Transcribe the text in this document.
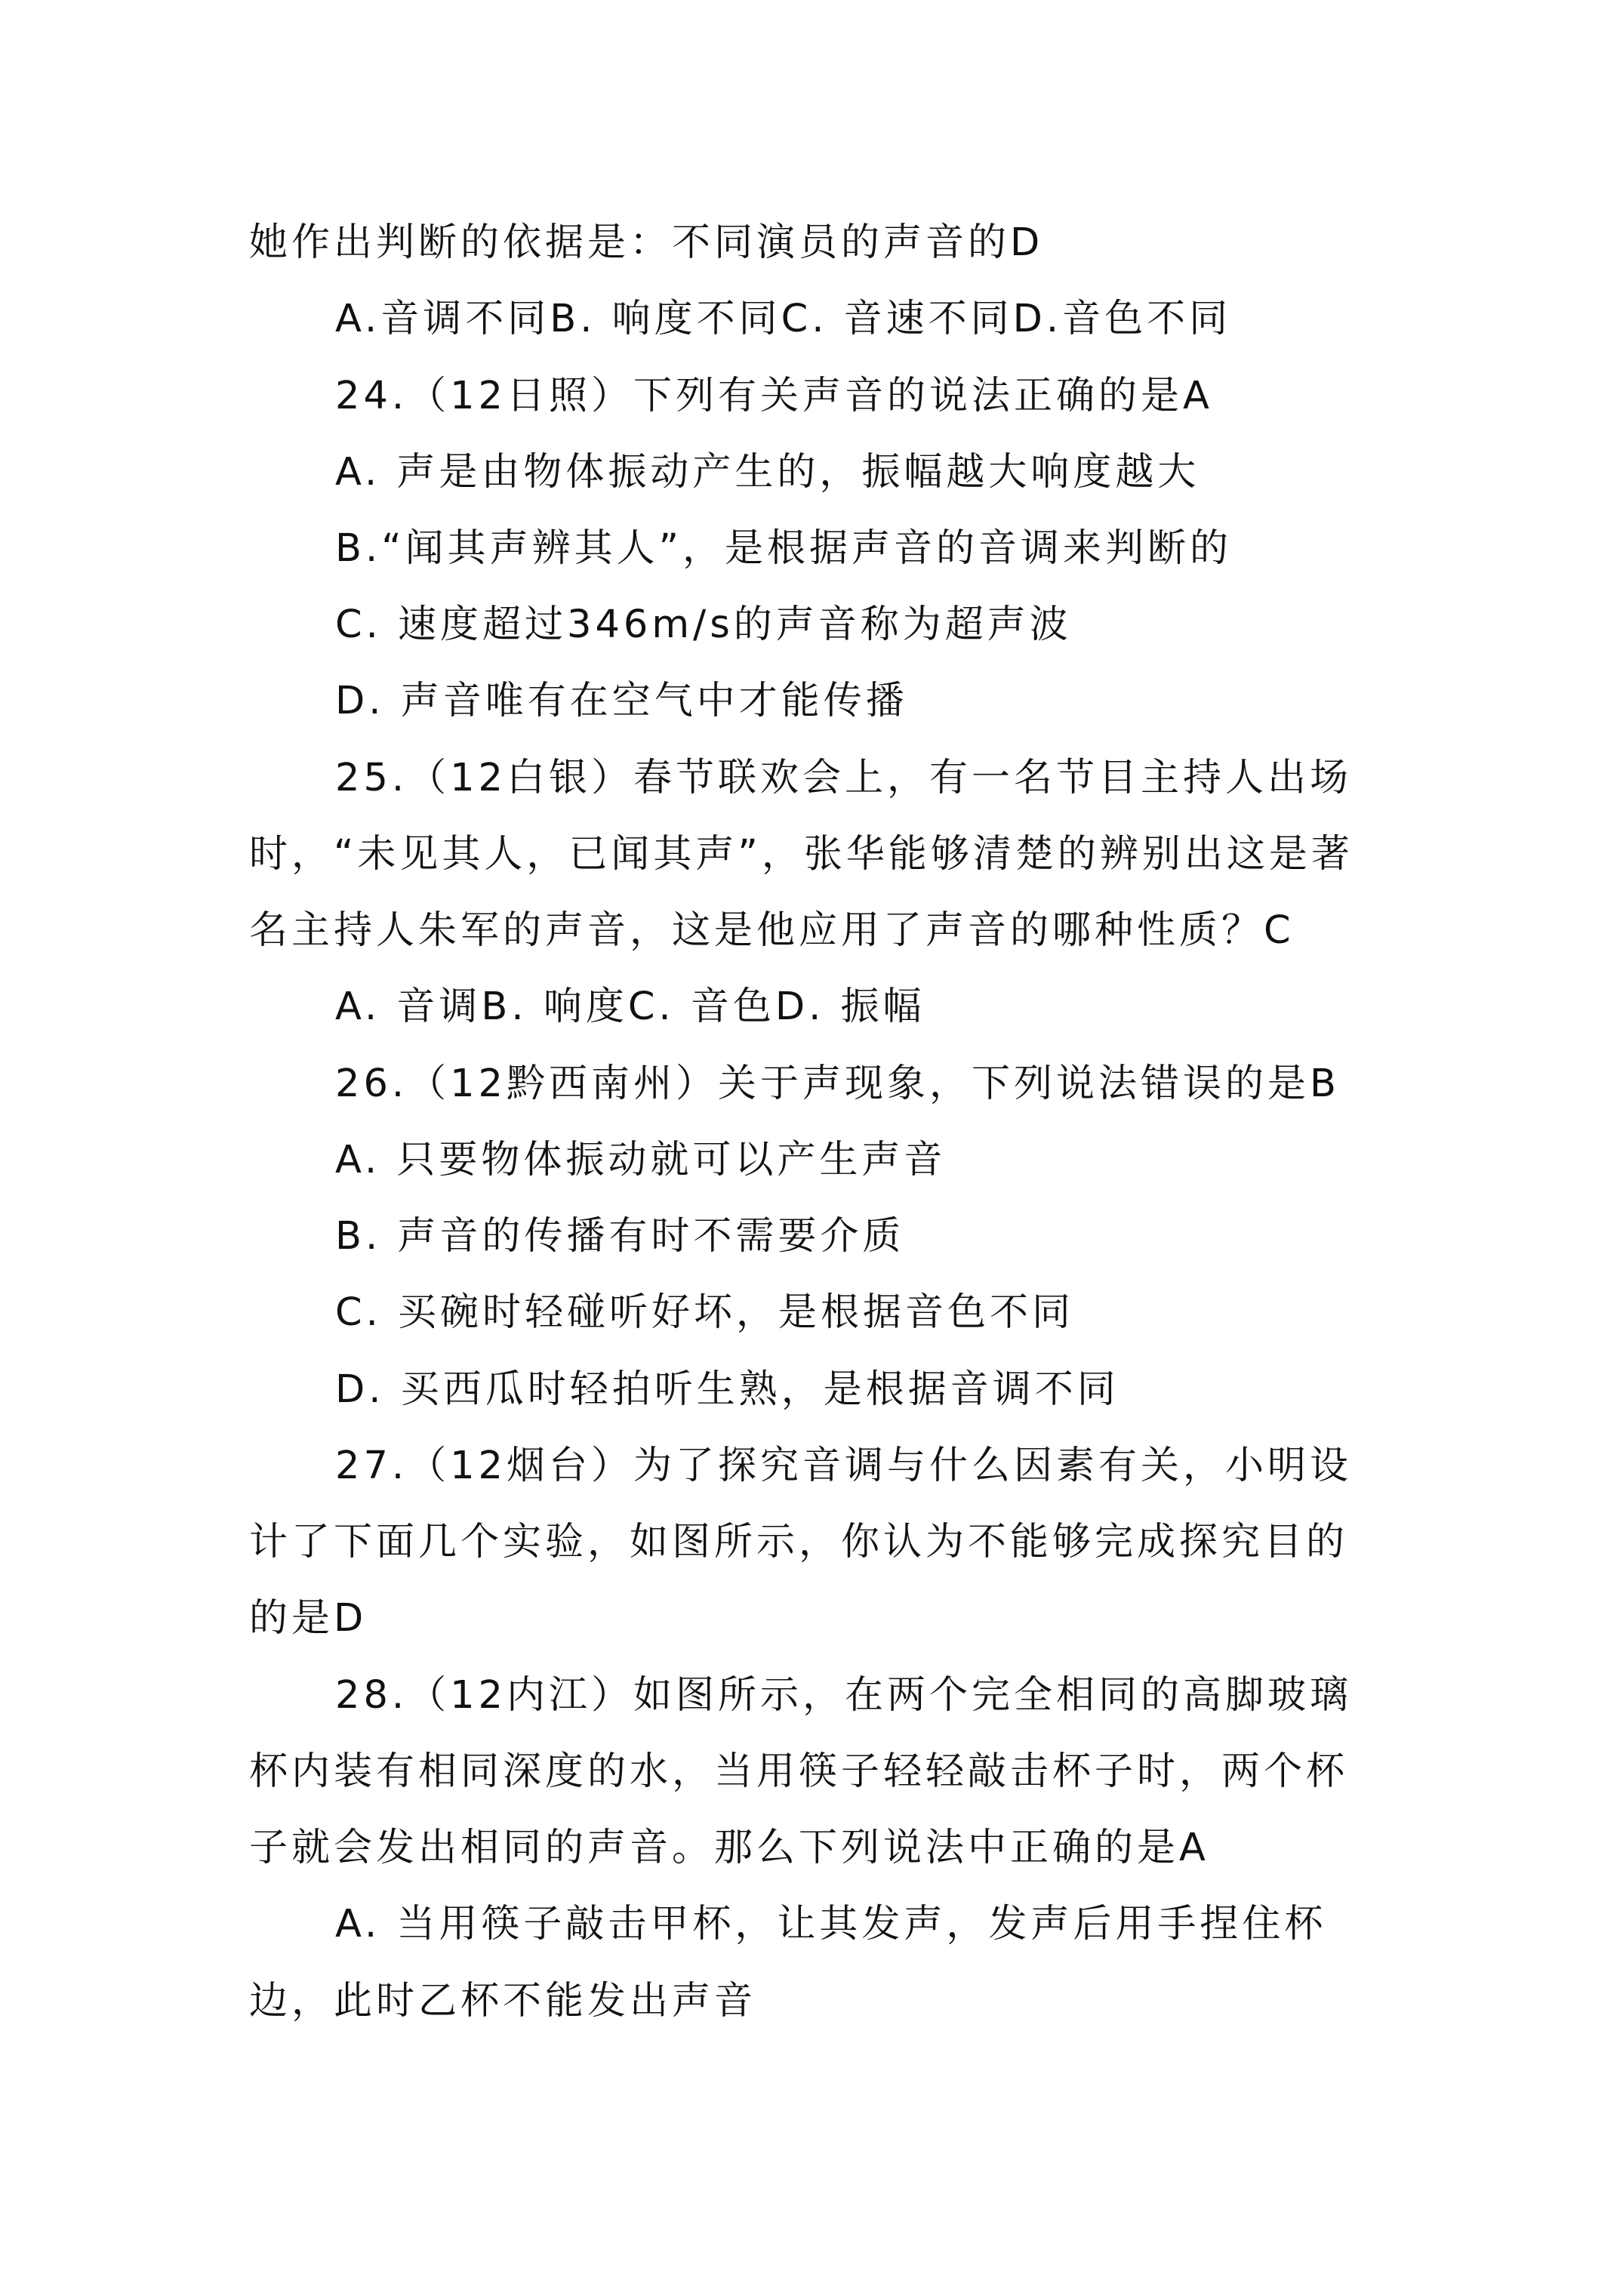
她作出判断的依据是：不同演员的声音的D
A.音调不同B. 响度不同C. 音速不同D.音色不同
24.（12日照）下列有关声音的说法正确的是A
A. 声是由物体振动产生的，振幅越大响度越大
B.“闻其声辨其人”，是根据声音的音调来判断的
C. 速度超过346m/s的声音称为超声波
D. 声音唯有在空气中才能传播
25.（12白银）春节联欢会上，有一名节目主持人出场
时，“未见其人，已闻其声”，张华能够清楚的辨别出这是著
名主持人朱军的声音，这是他应用了声音的哪种性质？C
A. 音调B. 响度C. 音色D. 振幅
26.（12黔西南州）关于声现象，下列说法错误的是B
A. 只要物体振动就可以产生声音
B. 声音的传播有时不需要介质
C. 买碗时轻碰听好坏，是根据音色不同
D. 买西瓜时轻拍听生熟，是根据音调不同
27.（12烟台）为了探究音调与什么因素有关，小明设
计了下面几个实验，如图所示，你认为不能够完成探究目的
的是D
28.（12内江）如图所示，在两个完全相同的高脚玻璃
杯内装有相同深度的水，当用筷子轻轻敲击杯子时，两个杯
子就会发出相同的声音。那么下列说法中正确的是A
A. 当用筷子敲击甲杯，让其发声，发声后用手捏住杯
边，此时乙杯不能发出声音
